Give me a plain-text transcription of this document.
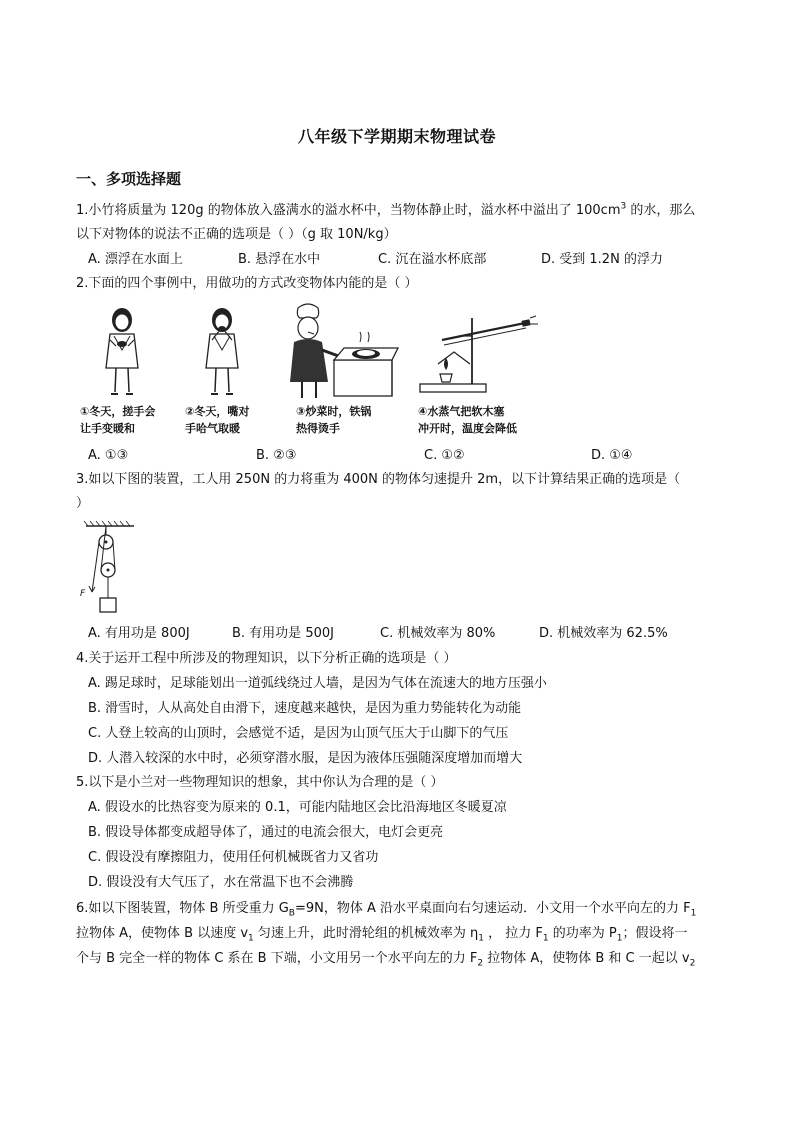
八年级下学期期末物理试卷
一、多项选择题
1.小竹将质量为 120g 的物体放入盛满水的溢水杯中，当物体静止时，溢水杯中溢出了 $100cm^3$ 的水，那么
以下对物体的说法不正确的选项是（ ）（g 取 10N/kg）
A. 漂浮在水面上	B. 悬浮在水中	C. 沉在溢水杯底部	D. 受到 1.2N 的浮力
2.下面的四个事例中，用做功的方式改变物体内能的是（ ）
①冬天，搓手会
让手变暖和
②冬天，嘴对
手哈气取暖
③炒菜时，铁锅
热得烫手
④水蒸气把软木塞
冲开时，温度会降低
A. ①③	B. ②③	C. ①②	D. ①④
3.如以下图的装置，工人用 250N 的力将重为 400N 的物体匀速提升 2m，以下计算结果正确的选项是（
）
F
A. 有用功是 800J	B. 有用功是 500J	C. 机械效率为 80%	D. 机械效率为 62.5%
4.关于运开工程中所涉及的物理知识，以下分析正确的选项是（ ）
A. 踢足球时，足球能划出一道弧线绕过人墙，是因为气体在流速大的地方压强小
B. 滑雪时，人从高处自由滑下，速度越来越快，是因为重力势能转化为动能
C. 人登上较高的山顶时，会感觉不适，是因为山顶气压大于山脚下的气压
D. 人潜入较深的水中时，必须穿潜水服，是因为液体压强随深度增加而增大
5.以下是小兰对一些物理知识的想象，其中你认为合理的是（ ）
A. 假设水的比热容变为原来的 0.1，可能内陆地区会比沿海地区冬暖夏凉
B. 假设导体都变成超导体了，通过的电流会很大，电灯会更亮
C. 假设没有摩擦阻力，使用任何机械既省力又省功
D. 假设没有大气压了，水在常温下也不会沸腾
6.如以下图装置，物体 B 所受重力 $G_B=9N$，物体 A 沿水平桌面向右匀速运动．小文用一个水平向左的力 $F_1$
拉物体 A，使物体 B 以速度 $v_1$ 匀速上升，此时滑轮组的机械效率为 $\eta_1$ ， 拉力 $F_1$ 的功率为 $P_1$；假设将一
个与 B 完全一样的物体 C 系在 B 下端，小文用另一个水平向左的力 $F_2$ 拉物体 A，使物体 B 和 C 一起以 $v_2$
